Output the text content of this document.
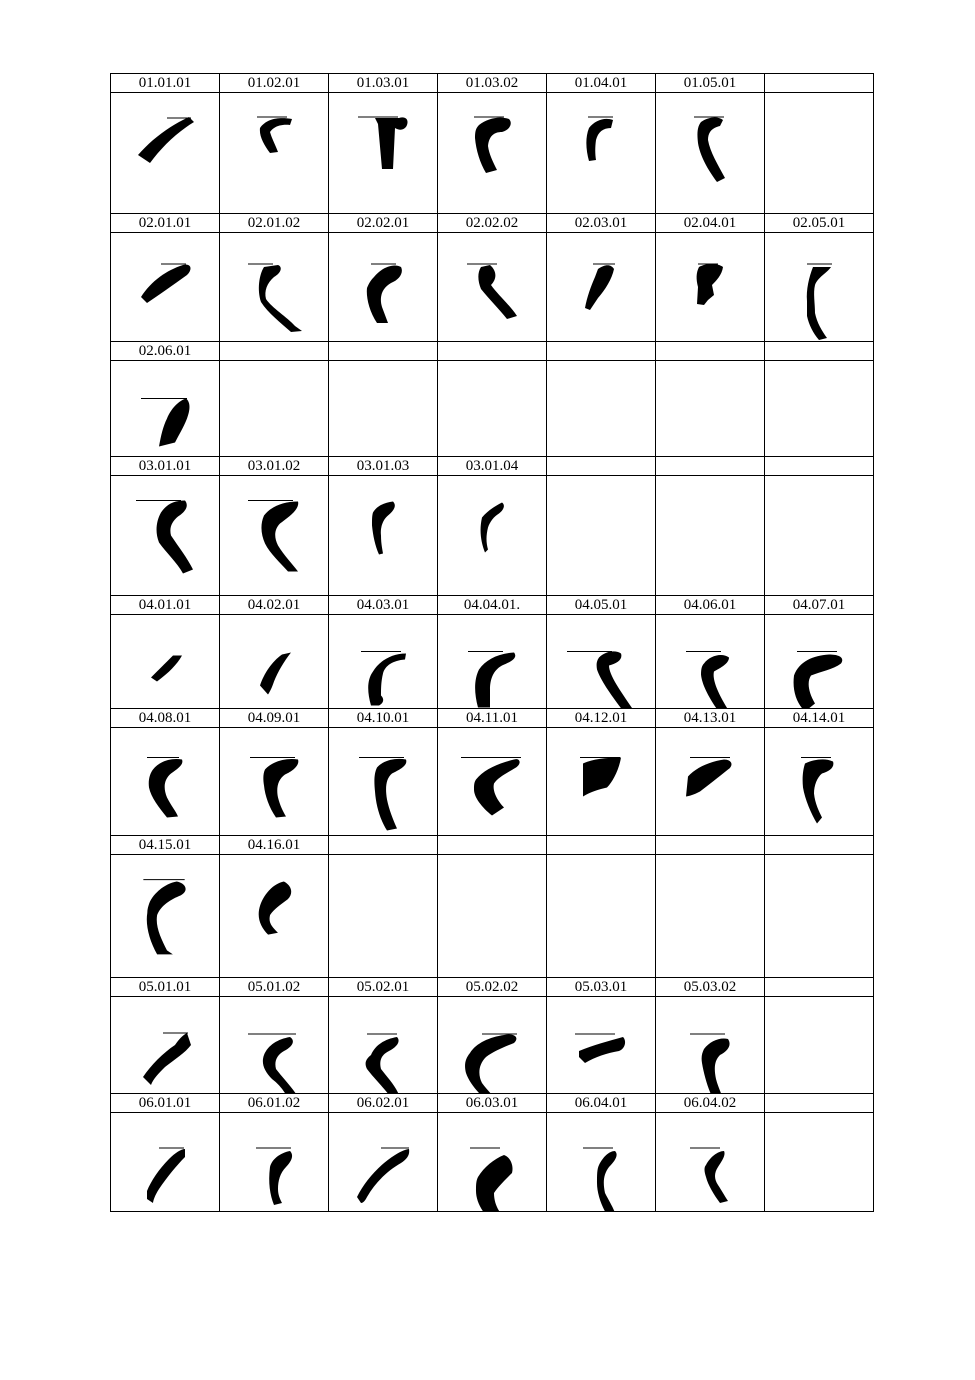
01.01.01	01.02.01	01.03.01	01.03.02	01.04.01	01.05.01	

02.01.01	02.01.02	02.02.01	02.02.02	02.03.01	02.04.01	02.05.01

02.06.01						

03.01.01	03.01.02	03.01.03	03.01.04			

04.01.01	04.02.01	04.03.01	04.04.01.	04.05.01	04.06.01	04.07.01

04.08.01	04.09.01	04.10.01	04.11.01	04.12.01	04.13.01	04.14.01

04.15.01	04.16.01					

05.01.01	05.01.02	05.02.01	05.02.02	05.03.01	05.03.02	

06.01.01	06.01.02	06.02.01	06.03.01	06.04.01	06.04.02	
